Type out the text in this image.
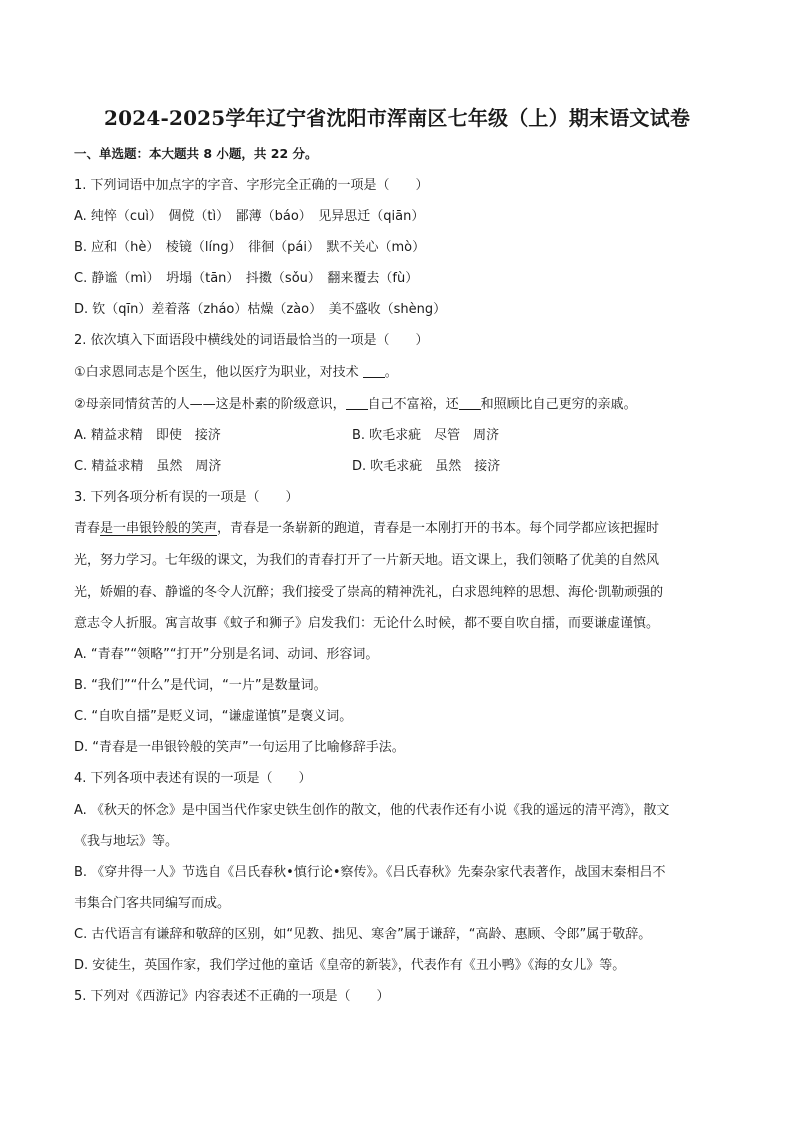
2024-2025学年辽宁省沈阳市浑南区七年级（上）期末语文试卷
一、单选题：本大题共 8 小题，共 22 分。
1. 下列词语中加点字的字音、字形完全正确的一项是（　　）
A. 纯悴（cuì）　倜傥（tì）　鄙薄（báo）　见异思迁（qiān）
B. 应和（hè）　棱镜（líng）　徘徊（pái）　默不关心（mò）
C. 静谧（mì）　坍塌（tān）　抖擞（sǒu）　翻来覆去（fù）
D. 钦（qīn）差着落（zháo）枯燥（zào）　美不盛收（shèng）
2. 依次填入下面语段中横线处的词语最恰当的一项是（　　）
①白求恩同志是个医生，他以医疗为职业，对技术 。
②母亲同情贫苦的人——这是朴素的阶级意识， 自己不富裕，还 和照顾比自己更穷的亲戚。
A. 精益求精　即使　接济	B. 吹毛求疵　尽管　周济
C. 精益求精　虽然　周济	D. 吹毛求疵　虽然　接济
3. 下列各项分析有误的一项是（　　）
青春是一串银铃般的笑声，青春是一条崭新的跑道，青春是一本刚打开的书本。每个同学都应该把握时
光，努力学习。七年级的课文，为我们的青春打开了一片新天地。语文课上，我们领略了优美的自然风
光，娇媚的春、静谧的冬令人沉醉；我们接受了崇高的精神洗礼，白求恩纯粹的思想、海伦·凯勒顽强的
意志令人折服。寓言故事《蚊子和狮子》启发我们：无论什么时候，都不要自吹自擂，而要谦虚谨慎。
A. “青春”“领略”“打开”分别是名词、动词、形容词。
B. “我们”“什么”是代词，“一片”是数量词。
C. “自吹自擂”是贬义词，“谦虚谨慎”是褒义词。
D. “青春是一串银铃般的笑声”一句运用了比喻修辞手法。
4. 下列各项中表述有误的一项是（　　）
A. 《秋天的怀念》是中国当代作家史铁生创作的散文，他的代表作还有小说《我的遥远的清平湾》，散文
《我与地坛》等。
B. 《穿井得一人》节选自《吕氏春秋•慎行论•察传》。《吕氏春秋》先秦杂家代表著作，战国末秦相吕不
韦集合门客共同编写而成。
C. 古代语言有谦辞和敬辞的区别，如“见教、拙见、寒舍”属于谦辞，“高龄、惠顾、令郎”属于敬辞。
D. 安徒生，英国作家，我们学过他的童话《皇帝的新装》，代表作有《丑小鸭》《海的女儿》等。
5. 下列对《西游记》内容表述不正确的一项是（　　）
